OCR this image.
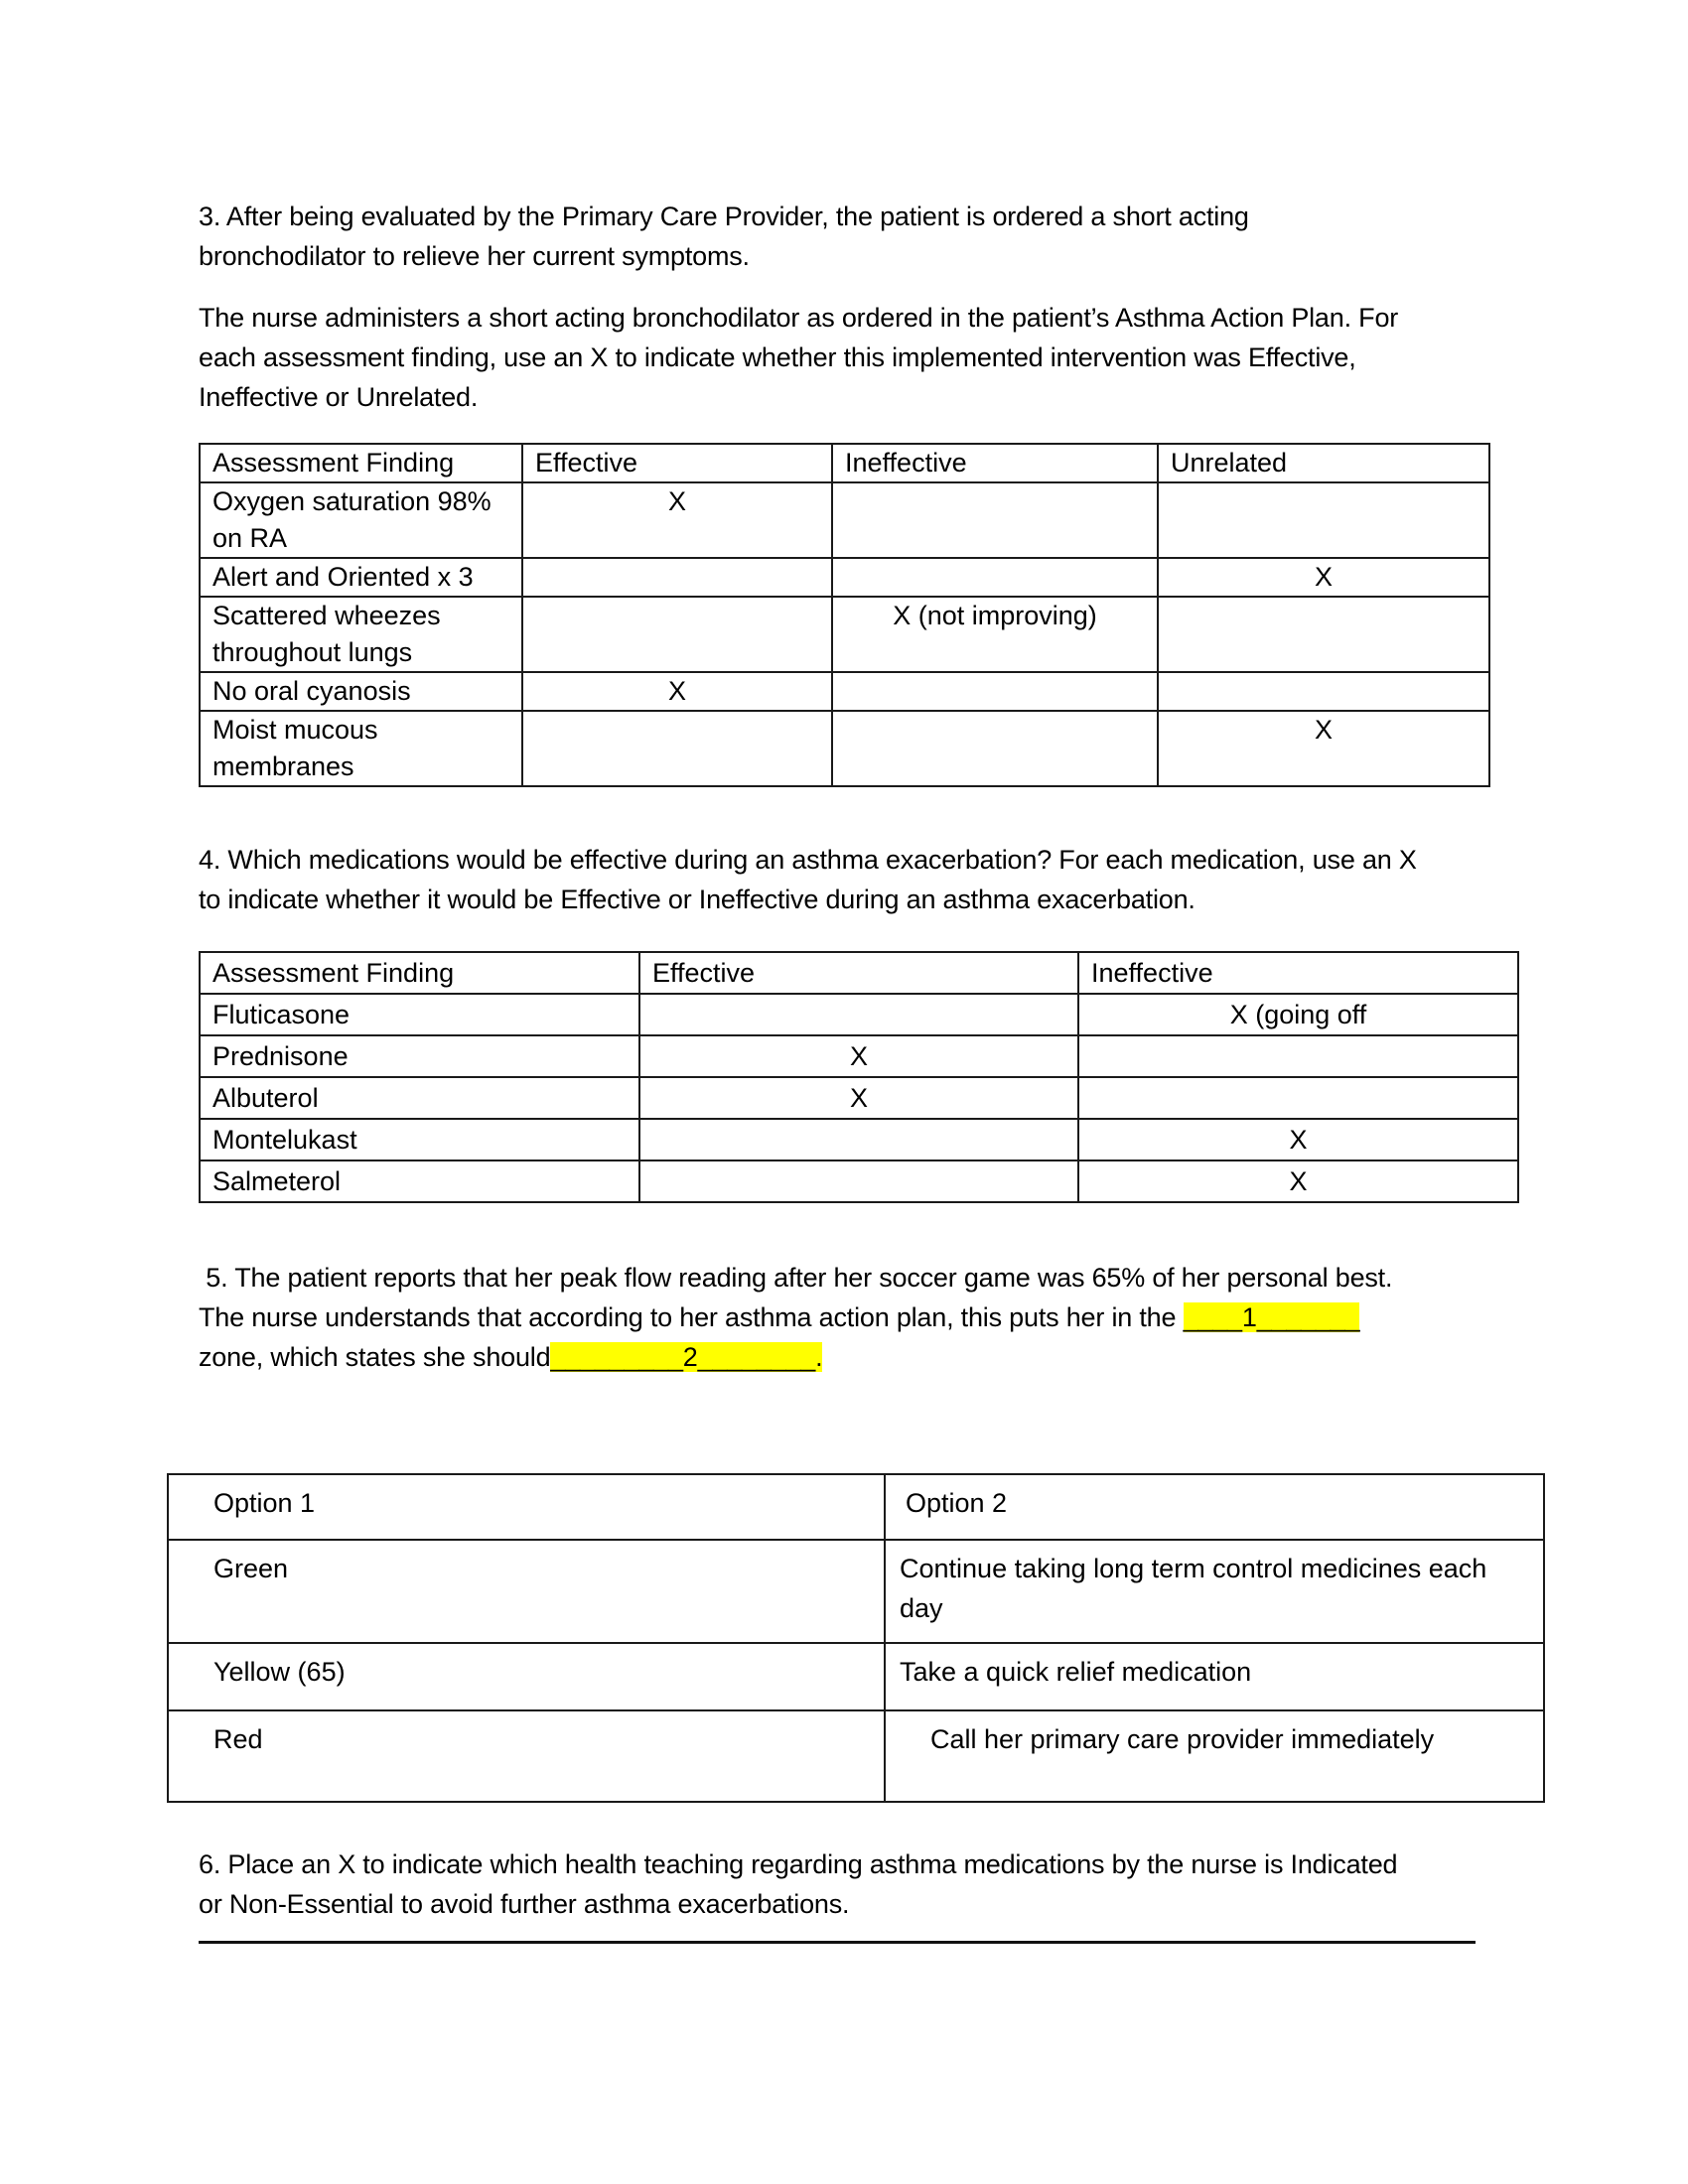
3. After being evaluated by the Primary Care Provider, the patient is ordered a short acting
bronchodilator to relieve her current symptoms.
The nurse administers a short acting bronchodilator as ordered in the patient’s Asthma Action Plan. For
each assessment finding, use an X to indicate whether this implemented intervention was Effective,
Ineffective or Unrelated.
Assessment Finding	Effective	Ineffective	Unrelated
Oxygen saturation 98% on RA	X		
Alert and Oriented x 3			X
Scattered wheezes throughout lungs		X (not improving)	
No oral cyanosis	X		
Moist mucous membranes			X
4. Which medications would be effective during an asthma exacerbation? For each medication, use an X
to indicate whether it would be Effective or Ineffective during an asthma exacerbation.
Assessment Finding	Effective	Ineffective
Fluticasone		X (going off
Prednisone	X	
Albuterol	X	
Montelukast		X
Salmeterol		X
5. The patient reports that her peak flow reading after her soccer game was 65% of her personal best.
The nurse understands that according to her asthma action plan, this puts her in the ____1_______
zone, which states she should_________2________.
Option 1	Option 2
Green	Continue taking long term control medicines each day
Yellow (65)	Take a quick relief medication
Red	Call her primary care provider immediately
6. Place an X to indicate which health teaching regarding asthma medications by the nurse is Indicated
or Non-Essential to avoid further asthma exacerbations.
